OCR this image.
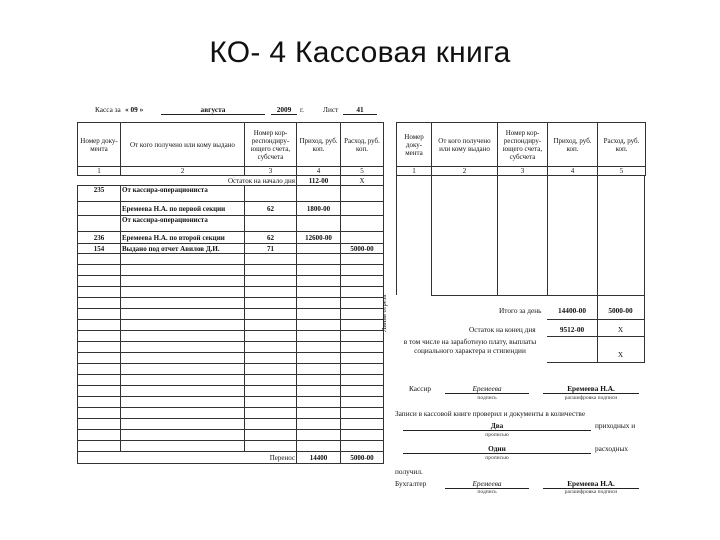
КО- 4 Кассовая книга
Касса за « 09 »	августа	2009	г.	Лист	41
Номер доку-мента	От кого получено или кому выдано	Номер кор-респондиру-ющего счета, субсчета	Приход, руб. коп.	Расход, руб. коп.
1	2	3	4	5
Остаток на начало дня			112-00	X
235	От кассира-операциониста			
	Еремеева Н.А. по первой секции	62	1800-00	
	От кассира-операциониста			
236	Еремеева Н.А. по второй секции	62	12600-00	
154	Выдано под отчет Авилов Д.И.	71		5000-00

Перенос			14400	5000-00
Линия отреза
Номер доку-мента	От кого получено или кому выдано	Номер кор-респондиру-ющего счета, субсчета	Приход, руб. коп.	Расход, руб. коп.
1	2	3	4	5
Итого за день	14400-00	5000-00
Остаток на конец дня	9512-00	X
в том числе на заработную плату, выплаты социального характера и стипендии	X
Кассир	Еремеева	Еремеева Н.А.
подпись	расшифровка подписи
Записи в кассовой книге проверил и документы в количестве
Два	приходных и
прописью
Один	расходных
прописью
получил.
Бухгалтер	Еремеева	Еремеева Н.А.
подпись	расшифровка подписи
